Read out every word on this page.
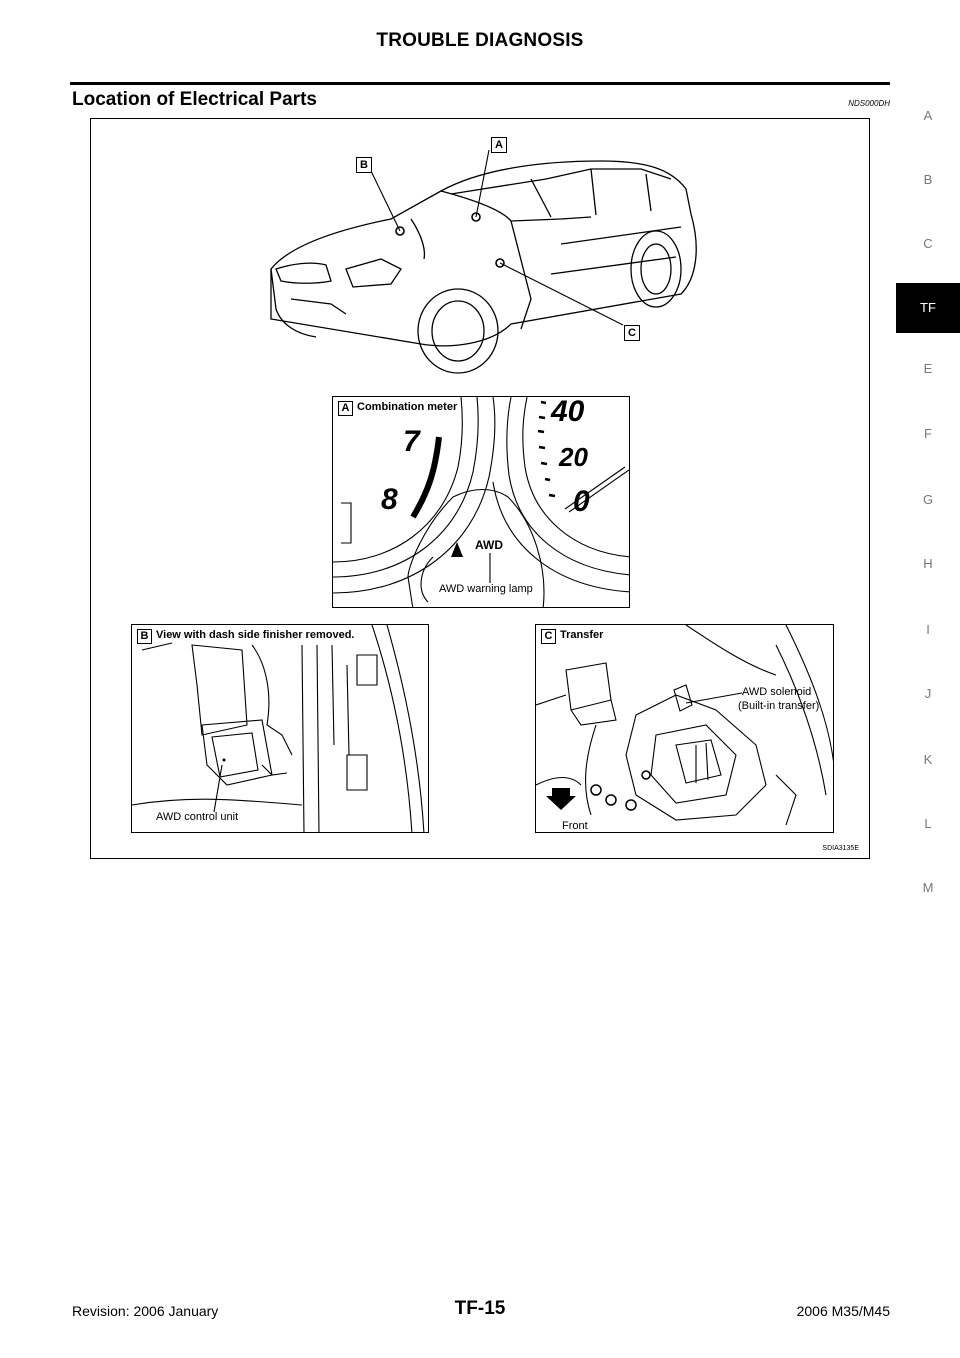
TROUBLE DIAGNOSIS
Location of Electrical Parts	NDS000DH
A
B
C
TF
E
F
G
H
I
J
K
L
M
A
B
C
A Combination meter
7
8
40
20
0
AWD
AWD warning lamp
B View with dash side finisher removed.
AWD control unit
C Transfer
AWD solenoid
(Built-in transfer)
Front
SDIA3135E
Revision: 2006 January	TF-15	2006 M35/M45
